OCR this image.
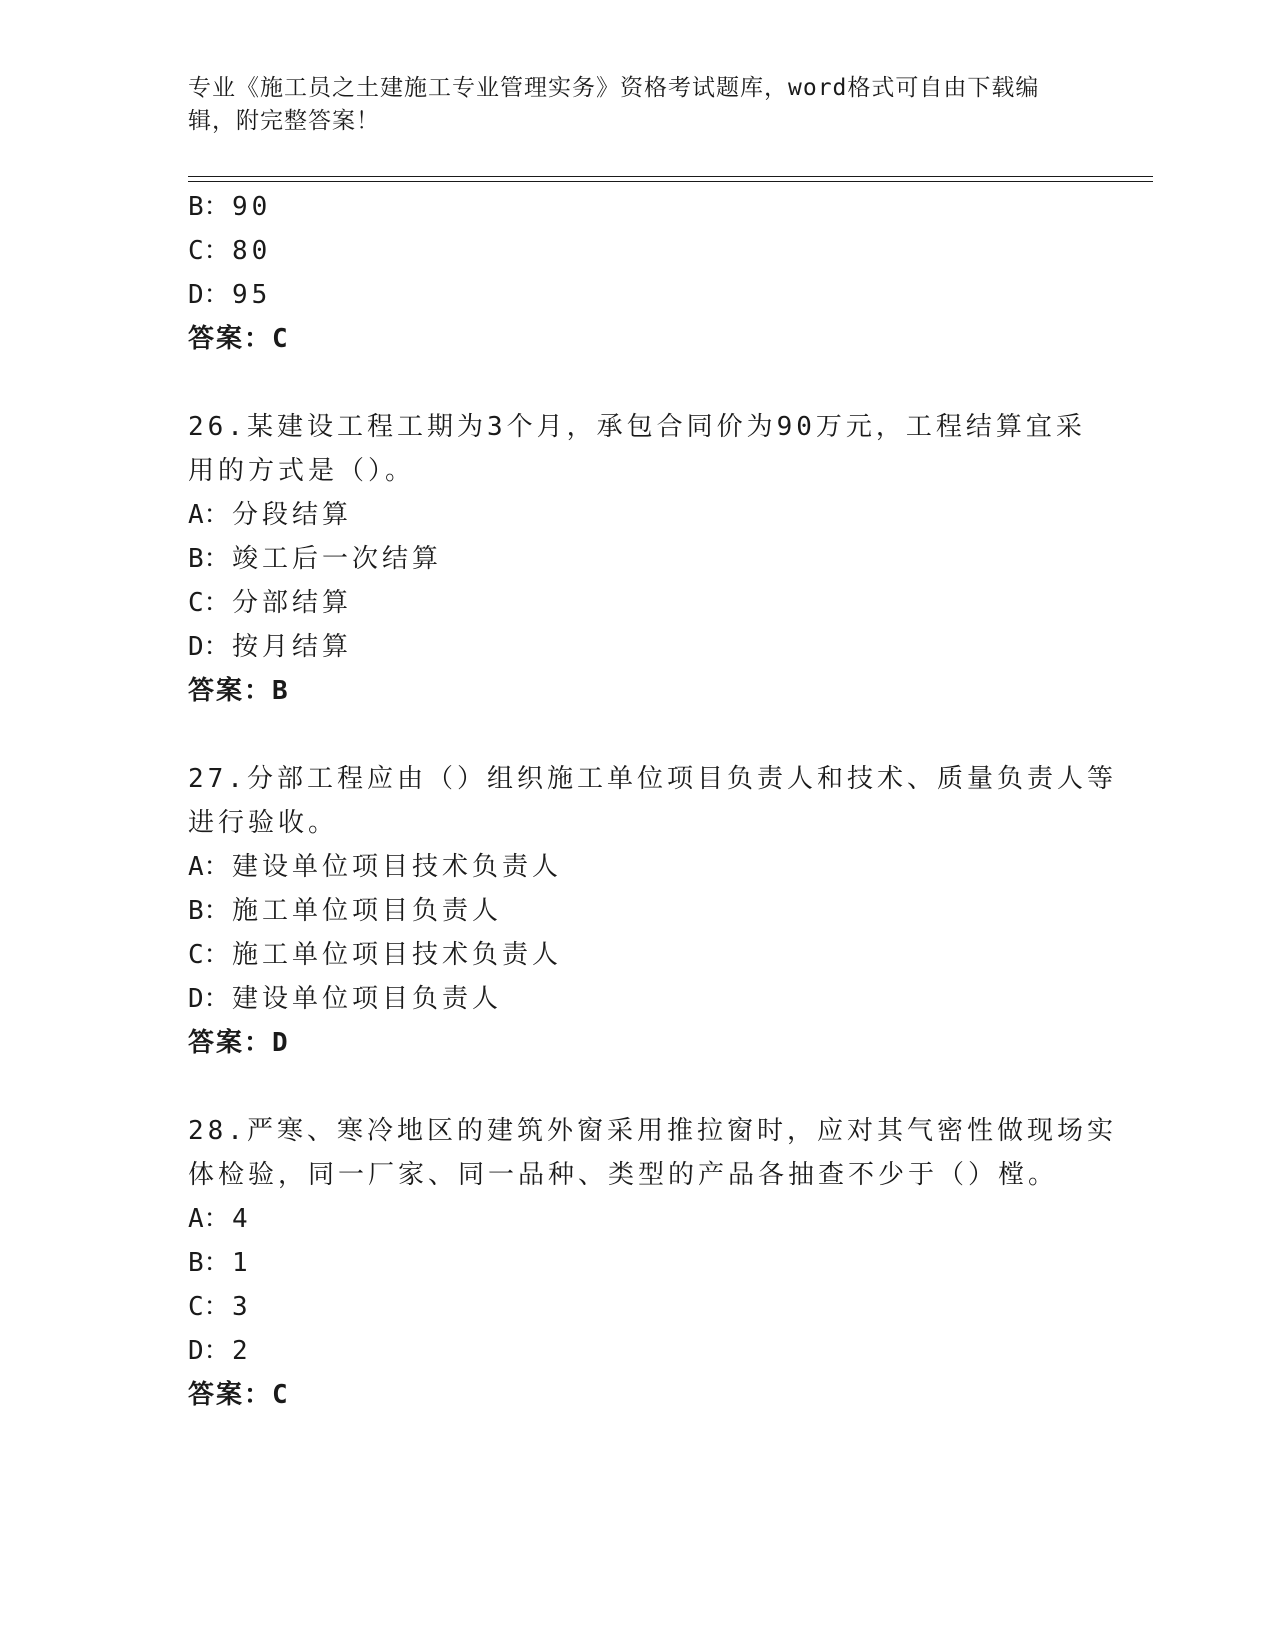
专业《施工员之土建施工专业管理实务》资格考试题库，word格式可自由下载编辑，附完整答案！
B：90
C：80
D：95
答案：C
26.某建设工程工期为3个月，承包合同价为90万元，工程结算宜采
用的方式是（）。
A：分段结算
B：竣工后一次结算
C：分部结算
D：按月结算
答案：B
27.分部工程应由（）组织施工单位项目负责人和技术、质量负责人等
进行验收。
A：建设单位项目技术负责人
B：施工单位项目负责人
C：施工单位项目技术负责人
D：建设单位项目负责人
答案：D
28.严寒、寒冷地区的建筑外窗采用推拉窗时，应对其气密性做现场实
体检验，同一厂家、同一品种、类型的产品各抽查不少于（）樘。
A：4
B：1
C：3
D：2
答案：C
